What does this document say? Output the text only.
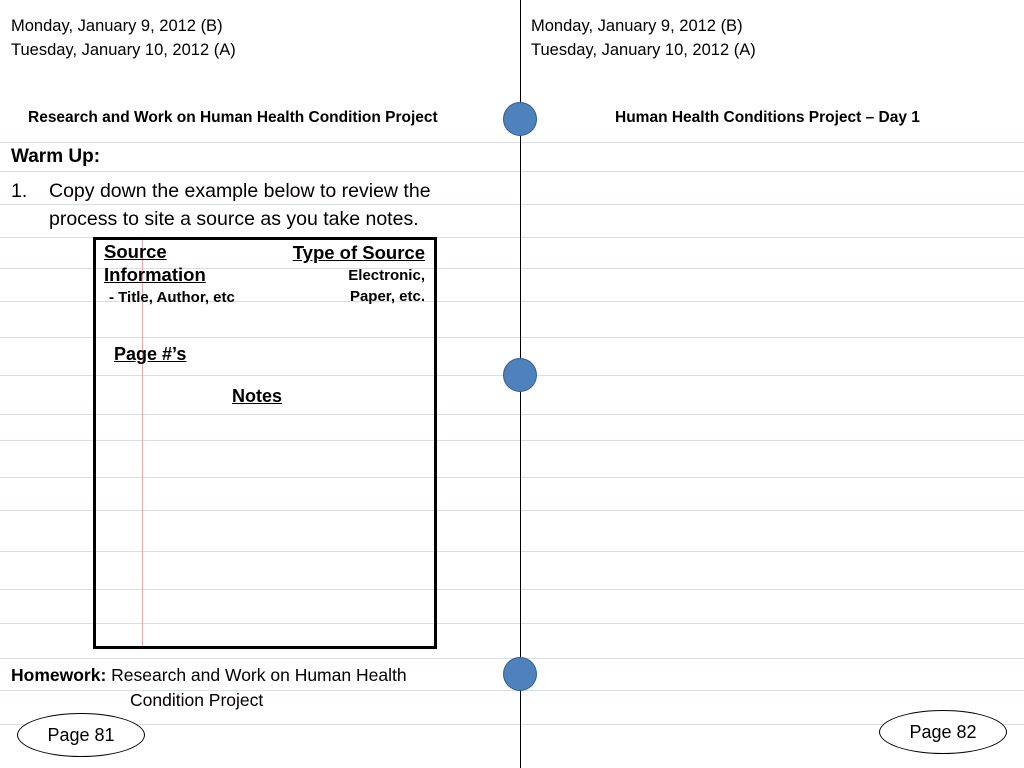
Monday, January 9, 2012 (B)
Tuesday, January 10, 2012 (A)
Research and Work on Human Health Condition Project
Warm Up:
1. Copy down the example below to review the
process to site a source as you take notes.
Source
Information
- Title, Author, etc
Type of Source
Electronic,
Paper, etc.
Page #’s
Notes
Homework: Research and Work on Human Health
Condition Project
Page 81
Monday, January 9, 2012 (B)
Tuesday, January 10, 2012 (A)
Human Health Conditions Project – Day 1
Page 82
